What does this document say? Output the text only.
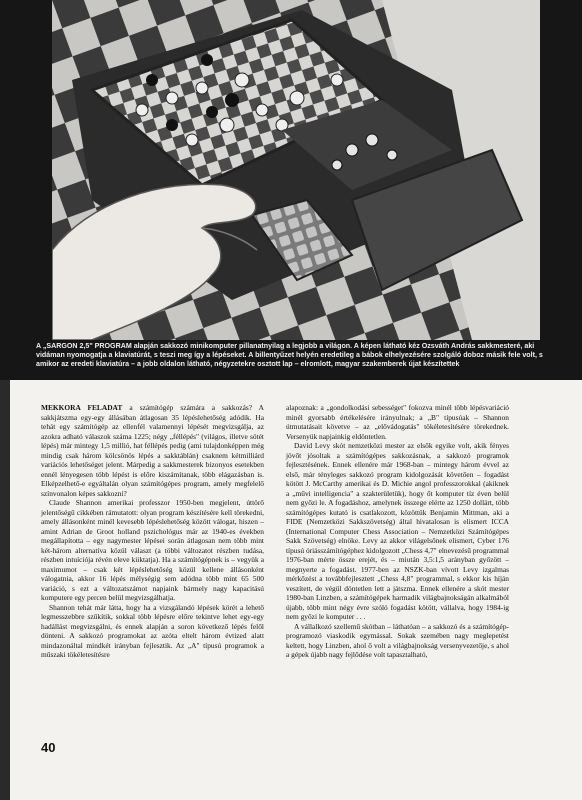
A „SARGON 2,5" PROGRAM alapján sakkozó minikomputer pillanatnyilag a legjobb a világon. A képen látható kéz Ozsváth András sakkmesteré, aki vidáman nyomogatja a klaviatúrát, s teszi meg így a lépéseket. A billentyűzet helyén eredetileg a bábok elhelyezésére szolgáló doboz másik fele volt, s amikor az eredeti klaviatúra – a jobb oldalon látható, négyzetekre osztott lap – elromlott, magyar szakemberek újat készítettek

MEKKORA FELADAT a számítógép számára a sakkozás? A sakkjátszma egy-egy állásában átlagosan 35 lépéslehetőség adódik. Ha tehát egy számítógép az ellenfél valamennyi lépését megvizsgálja, az azokra adható válaszok száma 1225; négy „féllépés" (világos, illetve sötét lépés) már mintegy 1,5 millió, hat féllépés pedig (ami tulajdonképpen még mindig csak három kölcsönös lépés a sakktáblán) csaknem kétmilliárd variációs lehetőséget jelent. Márpedig a sakkmesterek bizonyos esetekben ennél lényegesen több lépést is előre kiszámítanak, több elágazásban is. Elképzelhető-e egyáltalán olyan számítógépes program, amely megfelelő színvonalon képes sakkozni?

Claude Shannon amerikai professzor 1950-ben megjelent, úttörő jelentőségű cikkében rámutatott: olyan program készítésére kell törekedni, amely állásonként minél kevesebb lépéslehetőség között válogat, hiszen – amint Adrian de Groot holland pszichológus már az 1940-es években megállapította – egy nagymester lépései során átlagosan nem több mint két-három alternatíva közül választ (a többi változatot részben tudása, részben intuíciója révén eleve kiiktatja). Ha a számítógépnek is – vegyük a maximumot – csak két lépéslehetőség közül kellene állásonként válogatnia, akkor 16 lépés mélységig sem adódna több mint 65 500 variáció, s ezt a változatszámot napjaink bármely nagy kapacitású komputere egy percen belül megvizsgálhatja.

Shannon tehát már látta, hogy ha a vizsgálandó lépések körét a lehető legmesszebbre szűkítik, sokkal több lépésre előre tekintve lehet egy-egy hadállást megvizsgálni, és ennek alapján a soron következő lépés felől dönteni. A sakkozó programokat az azóta eltelt három évtized alatt mindazonáltal mindkét irányban fejlesztik. Az „A" típusú programok a műszaki tökéletesítésre

alapoznak: a „gondolkodási sebességet" fokozva minél több lépésvariáció minél gyorsabb értékelésére irányulnak; a „B" típusúak – Shannon útmutatásait követve – az „elővádogatás" tökéletesítésére törekednek. Versenyük napjainkig eldöntetlen.

David Levy skót nemzetközi mester az elsők egyike volt, akik fényes jövőt jósoltak a számítógépes sakkozásnak, a sakkozó programok fejlesztésének. Ennek ellenére már 1968-ban – mintegy három évvel az első, már tényleges sakkozó program kidolgozását követően – fogadást kötött J. McCarthy amerikai és D. Michie angol professzorokkal (akiknek a „művi intelligencia" a szakterületük), hogy őt komputer tíz éven belül nem győzi le. A fogadáshoz, amelynek összege elérte az 1250 dollárt, több számítógépes kutató is csatlakozott, közöttük Benjamin Mittman, aki a FIDE (Nemzetközi Sakkszövetség) által hivatalosan is elismert ICCA (International Computer Chess Association – Nemzetközi Számítógépes Sakk Szövetség) elnöke. Levy az akkor világelsőnek elismert, Cyber 176 típusú óriásszámítógéphez kidolgozott „Chess 4,7" elnevezésű programmal 1976-ban mérte össze erejét, és – miután 3,5:1,5 arányban győzött – megnyerte a fogadást. 1977-ben az NSZK-ban vívott Levy izgalmas mérkőzést a továbbfejlesztett „Chess 4,8" programmal, s ekkor kis híján veszített, de végül döntetlen lett a játszma. Ennek ellenére a skót mester 1980-ban Linzben, a számítógépek harmadik világbajnokságán alkalmából újabb, több mint négy évre szóló fogadást kötött, vállalva, hogy 1984-ig nem győzi le komputer . . .

A vállalkozó szellemű skótban – láthatóan – a sakkozó és a számítógép-programozó viaskodik egymással. Sokak szemében nagy meglepetést keltett, hogy Linzben, ahol ő volt a világbajnokság versenyvezetője, s ahol a gépek újabb nagy fejlődése volt tapasztalható,

40
